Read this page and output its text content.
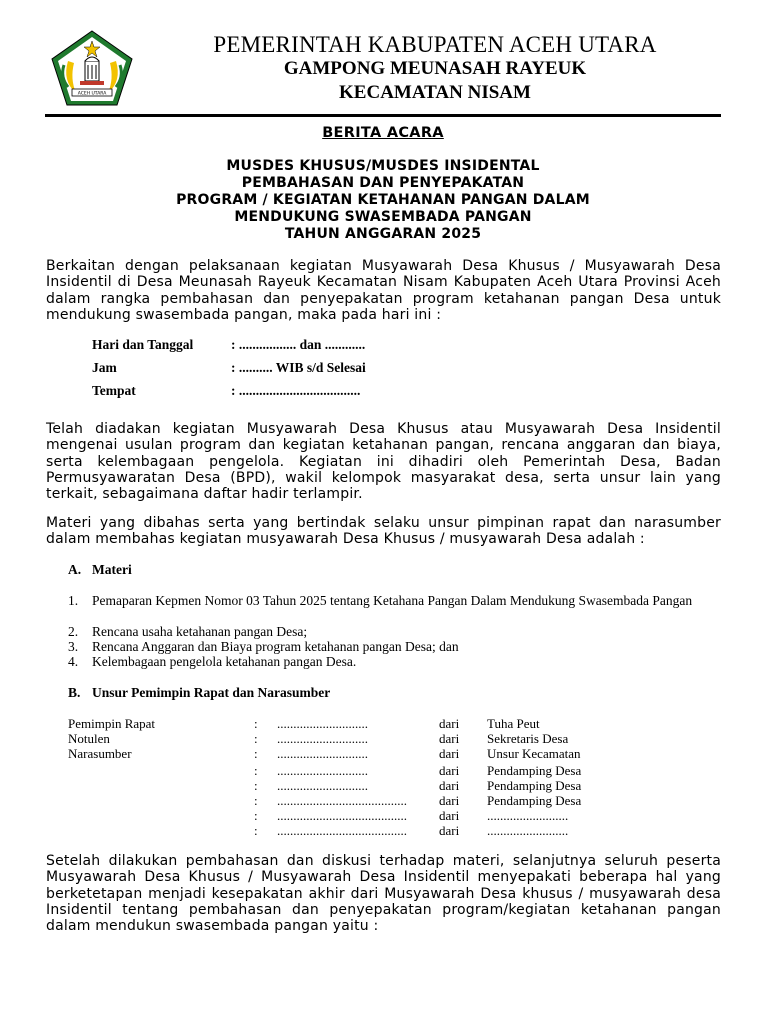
ACEH UTARA
PEMERINTAH KABUPATEN ACEH UTARA
GAMPONG MEUNASAH RAYEUK
KECAMATAN NISAM
BERITA ACARA
MUSDES KHUSUS/MUSDES INSIDENTAL
PEMBAHASAN DAN PENYEPAKATAN
PROGRAM / KEGIATAN KETAHANAN PANGAN DALAM
MENDUKUNG SWASEMBADA PANGAN
TAHUN ANGGARAN 2025
Berkaitan dengan pelaksanaan kegiatan Musyawarah Desa Khusus / Musyawarah Desa
Insidentil di Desa Meunasah Rayeuk Kecamatan Nisam Kabupaten Aceh Utara Provinsi Aceh
dalam rangka pembahasan dan penyepakatan program ketahanan pangan Desa untuk
mendukung swasembada pangan, maka pada hari ini :
Hari dan Tanggal	: ................. dan ............
Jam	: .......... WIB s/d Selesai
Tempat	: ....................................
Telah diadakan kegiatan Musyawarah Desa Khusus atau Musyawarah Desa Insidentil
mengenai usulan program dan kegiatan ketahanan pangan, rencana anggaran dan biaya,
serta kelembagaan pengelola. Kegiatan ini dihadiri oleh Pemerintah Desa, Badan
Permusyawaratan Desa (BPD), wakil kelompok masyarakat desa, serta unsur lain yang
terkait, sebagaimana daftar hadir terlampir.
Materi yang dibahas serta yang bertindak selaku unsur pimpinan rapat dan narasumber
dalam membahas kegiatan musyawarah Desa Khusus / musyawarah Desa adalah :
A. Materi
1. Pemaparan Kepmen Nomor 03 Tahun 2025 tentang Ketahana Pangan Dalam Mendukung Swasembada Pangan
2. Rencana usaha ketahanan pangan Desa;
3. Rencana Anggaran dan Biaya program ketahanan pangan Desa; dan
4. Kelembagaan pengelola ketahanan pangan Desa.
B. Unsur Pemimpin Rapat dan Narasumber
Pemimpin Rapat	: ............................	dari Tuha Peut
Notulen	: ............................	dari Sekretaris Desa
Narasumber	: ............................	dari Unsur Kecamatan
: ............................	dari Pendamping Desa
: ............................	dari Pendamping Desa
: ........................................ dari Pendamping Desa
: ........................................ dari .........................
: ........................................ dari .........................
Setelah dilakukan pembahasan dan diskusi terhadap materi, selanjutnya seluruh peserta
Musyawarah Desa Khusus / Musyawarah Desa Insidentil menyepakati beberapa hal yang
berketetapan menjadi kesepakatan akhir dari Musyawarah Desa khusus / musyawarah desa
Insidentil tentang pembahasan dan penyepakatan program/kegiatan ketahanan pangan
dalam mendukun swasembada pangan yaitu :
